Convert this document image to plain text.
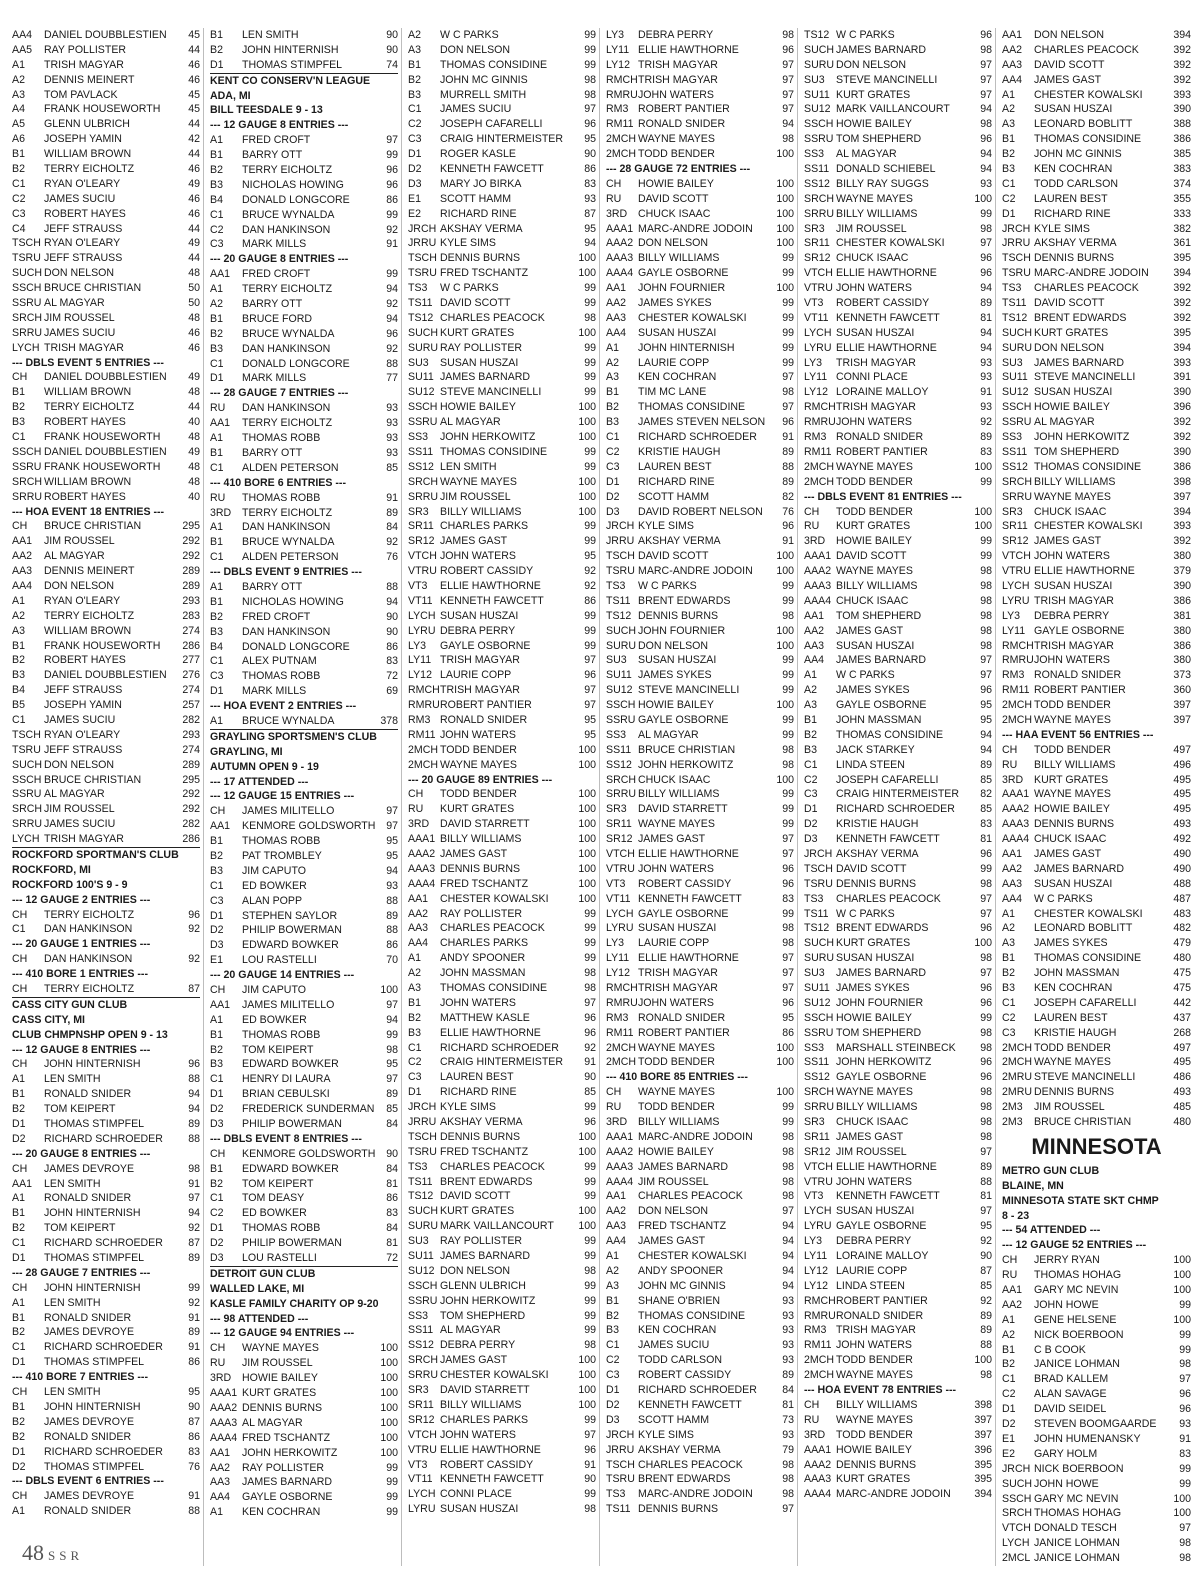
AA4	DANIEL DOUBBLESTIEN	45
AA5	RAY POLLISTER	44
A1	TRISH MAGYAR	46
A2	DENNIS MEINERT	46
A3	TOM PAVLACK	45
A4	FRANK HOUSEWORTH	45
A5	GLENN ULBRICH	44
A6	JOSEPH YAMIN	42
B1	WILLIAM BROWN	44
B2	TERRY EICHOLTZ	46
C1	RYAN O'LEARY	49
C2	JAMES SUCIU	46
C3	ROBERT HAYES	46
C4	JEFF STRAUSS	44
TSCH RYAN O'LEARY	49
TSRU JEFF STRAUSS	44
SUCH DON NELSON	48
SSCH BRUCE CHRISTIAN	50
SSRU AL MAGYAR	50
SRCH JIM ROUSSEL	48
SRRU JAMES SUCIU	46
LYCH TRISH MAGYAR	46
--- DBLS EVENT 5 ENTRIES ---
CH	DANIEL DOUBBLESTIEN	49
B1	WILLIAM BROWN	48
B2	TERRY EICHOLTZ	44
B3	ROBERT HAYES	40
C1	FRANK HOUSEWORTH	48
SSCH DANIEL DOUBBLESTIEN	49
SSRU FRANK HOUSEWORTH	48
SRCH WILLIAM BROWN	48
SRRU ROBERT HAYES	40
--- HOA EVENT 18 ENTRIES ---
CH	BRUCE CHRISTIAN	295
AA1	JIM ROUSSEL	292
AA2	AL MAGYAR	292
AA3	DENNIS MEINERT	289
AA4	DON NELSON	289
A1	RYAN O'LEARY	293
A2	TERRY EICHOLTZ	283
A3	WILLIAM BROWN	274
B1	FRANK HOUSEWORTH	286
B2	ROBERT HAYES	277
B3	DANIEL DOUBBLESTIEN	276
B4	JEFF STRAUSS	274
B5	JOSEPH YAMIN	257
C1	JAMES SUCIU	282
TSCH RYAN O'LEARY	293
TSRU JEFF STRAUSS	274
SUCH DON NELSON	289
SSCH BRUCE CHRISTIAN	295
SSRU AL MAGYAR	292
SRCH JIM ROUSSEL	292
SRRU JAMES SUCIU	282
LYCH TRISH MAGYAR	286
ROCKFORD SPORTMAN'S CLUB
ROCKFORD, MI
ROCKFORD 100'S 9 - 9
--- 12 GAUGE 2 ENTRIES ---
CH	TERRY EICHOLTZ	96
C1	DAN HANKINSON	92
--- 20 GAUGE 1 ENTRIES ---
CH	DAN HANKINSON	92
--- 410 BORE 1 ENTRIES ---
CH	TERRY EICHOLTZ	87
CASS CITY GUN CLUB
CASS CITY, MI
CLUB CHMPNSHP OPEN 9 - 13
--- 12 GAUGE 8 ENTRIES ---
CH	JOHN HINTERNISH	96
A1	LEN SMITH	88
B1	RONALD SNIDER	94
B2	TOM KEIPERT	94
D1	THOMAS STIMPFEL	89
D2	RICHARD SCHROEDER	88
--- 20 GAUGE 8 ENTRIES ---
CH	JAMES DEVROYE	98
AA1	LEN SMITH	91
A1	RONALD SNIDER	97
B1	JOHN HINTERNISH	94
B2	TOM KEIPERT	92
C1	RICHARD SCHROEDER	87
D1	THOMAS STIMPFEL	89
--- 28 GAUGE 7 ENTRIES ---
CH	JOHN HINTERNISH	99
A1	LEN SMITH	92
B1	RONALD SNIDER	91
B2	JAMES DEVROYE	89
C1	RICHARD SCHROEDER	91
D1	THOMAS STIMPFEL	86
--- 410 BORE 7 ENTRIES ---
CH	LEN SMITH	95
B1	JOHN HINTERNISH	90
B2	JAMES DEVROYE	87
B2	RONALD SNIDER	86
D1	RICHARD SCHROEDER	83
D2	THOMAS STIMPFEL	76
--- DBLS EVENT 6 ENTRIES ---
CH	JAMES DEVROYE	91
A1	RONALD SNIDER	88
B1	LEN SMITH	90
B2	JOHN HINTERNISH	90
D1	THOMAS STIMPFEL	74
KENT CO CONSERV'N LEAGUE
ADA, MI
BILL TEESDALE 9 - 13
--- 12 GAUGE 8 ENTRIES ---
A1	FRED CROFT	97
B1	BARRY OTT	99
B2	TERRY EICHOLTZ	96
B3	NICHOLAS HOWING	96
B4	DONALD LONGCORE	86
C1	BRUCE WYNALDA	99
C2	DAN HANKINSON	92
C3	MARK MILLS	91
--- 20 GAUGE 8 ENTRIES ---
AA1	FRED CROFT	99
A1	TERRY EICHOLTZ	94
A2	BARRY OTT	92
B1	BRUCE FORD	94
B2	BRUCE WYNALDA	96
B3	DAN HANKINSON	92
C1	DONALD LONGCORE	88
D1	MARK MILLS	77
--- 28 GAUGE 7 ENTRIES ---
RU	DAN HANKINSON	93
AA1	TERRY EICHOLTZ	93
A1	THOMAS ROBB	93
B1	BARRY OTT	93
C1	ALDEN PETERSON	85
--- 410 BORE 6 ENTRIES ---
RU	THOMAS ROBB	91
3RD	TERRY EICHOLTZ	89
A1	DAN HANKINSON	84
B1	BRUCE WYNALDA	92
C1	ALDEN PETERSON	76
--- DBLS EVENT 9 ENTRIES ---
A1	BARRY OTT	88
B1	NICHOLAS HOWING	94
B2	FRED CROFT	90
B3	DAN HANKINSON	90
B4	DONALD LONGCORE	86
C1	ALEX PUTNAM	83
C3	THOMAS ROBB	72
D1	MARK MILLS	69
--- HOA EVENT 2 ENTRIES ---
A1	BRUCE WYNALDA	378
GRAYLING SPORTSMEN'S CLUB
GRAYLING, MI
AUTUMN OPEN 9 - 19
--- 17 ATTENDED ---
--- 12 GAUGE 15 ENTRIES ---
CH	JAMES MILITELLO	97
AA1	KENMORE GOLDSWORTH	97
B1	THOMAS ROBB	95
B2	PAT TROMBLEY	95
B3	JIM CAPUTO	94
C1	ED BOWKER	93
C3	ALAN POPP	88
D1	STEPHEN SAYLOR	89
D2	PHILIP BOWERMAN	88
D3	EDWARD BOWKER	86
E1	LOU RASTELLI	70
--- 20 GAUGE 14 ENTRIES ---
CH	JIM CAPUTO	100
AA1	JAMES MILITELLO	97
A1	ED BOWKER	94
B1	THOMAS ROBB	99
B2	TOM KEIPERT	98
B3	EDWARD BOWKER	95
C1	HENRY DI LAURA	97
D1	BRIAN CEBULSKI	89
D2	FREDERICK SUNDERMAN	85
D3	PHILIP BOWERMAN	84
--- DBLS EVENT 8 ENTRIES ---
CH	KENMORE GOLDSWORTH	90
B1	EDWARD BOWKER	84
B2	TOM KEIPERT	81
C1	TOM DEASY	86
C2	ED BOWKER	83
D1	THOMAS ROBB	84
D2	PHILIP BOWERMAN	81
D3	LOU RASTELLI	72
DETROIT GUN CLUB
WALLED LAKE, MI
KASLE FAMILY CHARITY OP 9-20
--- 98 ATTENDED ---
--- 12 GAUGE 94 ENTRIES ---
CH	WAYNE MAYES	100
RU	JIM ROUSSEL	100
3RD	HOWIE BAILEY	100
AAA1 KURT GRATES	100
AAA2 DENNIS BURNS	100
AAA3 AL MAGYAR	100
AAA4 FRED TSCHANTZ	100
AA1	JOHN HERKOWITZ	100
AA2	RAY POLLISTER	99
AA3	JAMES BARNARD	99
AA4	GAYLE OSBORNE	99
A1	KEN COCHRAN	99
A2	W C PARKS	99
A3	DON NELSON	99
B1	THOMAS CONSIDINE	99
B2	JOHN MC GINNIS	98
B3	MURRELL SMITH	98
C1	JAMES SUCIU	97
C2	JOSEPH CAFARELLI	96
C3	CRAIG HINTERMEISTER	95
D1	ROGER KASLE	90
D2	KENNETH FAWCETT	86
D3	MARY JO BIRKA	83
E1	SCOTT HAMM	93
E2	RICHARD RINE	87
JRCH AKSHAY VERMA	95
JRRU KYLE SIMS	94
TSCH DENNIS BURNS	100
TSRU FRED TSCHANTZ	100
TS3	W C PARKS	99
TS11 DAVID SCOTT	99
TS12 CHARLES PEACOCK	98
SUCH KURT GRATES	100
SURU RAY POLLISTER	99
SU3	SUSAN HUSZAI	99
SU11 JAMES BARNARD	99
SU12 STEVE MANCINELLI	99
SSCH HOWIE BAILEY	100
SSRU AL MAGYAR	100
SS3	JOHN HERKOWITZ	100
SS11 THOMAS CONSIDINE	99
SS12 LEN SMITH	99
SRCH WAYNE MAYES	100
SRRU JIM ROUSSEL	100
SR3	BILLY WILLIAMS	100
SR11 CHARLES PARKS	99
SR12 JAMES GAST	99
VTCH JOHN WATERS	95
VTRU ROBERT CASSIDY	92
VT3	ELLIE HAWTHORNE	92
VT11 KENNETH FAWCETT	86
LYCH SUSAN HUSZAI	99
LYRU DEBRA PERRY	99
LY3	GAYLE OSBORNE	99
LY11 TRISH MAGYAR	97
LY12 LAURIE COPP	96
RMCH TRISH MAGYAR	97
RMRU ROBERT PANTIER	97
RM3 RONALD SNIDER	95
RM11 JOHN WATERS	95
2MCH TODD BENDER	100
2MCH WAYNE MAYES	100
--- 20 GAUGE 89 ENTRIES ---
CH	TODD BENDER	100
RU	KURT GRATES	100
3RD	DAVID STARRETT	100
AAA1 BILLY WILLIAMS	100
AAA2 JAMES GAST	100
AAA3 DENNIS BURNS	100
AAA4 FRED TSCHANTZ	100
AA1	CHESTER KOWALSKI	100
AA2	RAY POLLISTER	99
AA3	CHARLES PEACOCK	99
AA4	CHARLES PARKS	99
A1	ANDY SPOONER	99
A2	JOHN MASSMAN	98
A3	THOMAS CONSIDINE	98
B1	JOHN WATERS	97
B2	MATTHEW KASLE	96
B3	ELLIE HAWTHORNE	96
C1	RICHARD SCHROEDER	92
C2	CRAIG HINTERMEISTER	91
C3	LAUREN BEST	90
D1	RICHARD RINE	85
JRCH KYLE SIMS	99
JRRU AKSHAY VERMA	96
TSCH DENNIS BURNS	100
TSRU FRED TSCHANTZ	100
TS3	CHARLES PEACOCK	99
TS11 BRENT EDWARDS	99
TS12 DAVID SCOTT	99
SUCH KURT GRATES	100
SURU MARK VAILLANCOURT	100
SU3	RAY POLLISTER	99
SU11 JAMES BARNARD	99
SU12 DON NELSON	98
SSCH GLENN ULBRICH	99
SSRU JOHN HERKOWITZ	99
SS3	TOM SHEPHERD	99
SS11 AL MAGYAR	99
SS12 DEBRA PERRY	98
SRCH JAMES GAST	100
SRRU CHESTER KOWALSKI	100
SR3	DAVID STARRETT	100
SR11 BILLY WILLIAMS	100
SR12 CHARLES PARKS	99
VTCH JOHN WATERS	97
VTRU ELLIE HAWTHORNE	96
VT3	ROBERT CASSIDY	91
VT11 KENNETH FAWCETT	90
LYCH CONNI PLACE	99
LYRU SUSAN HUSZAI	98
LY3	DEBRA PERRY	98
LY11 ELLIE HAWTHORNE	96
LY12 TRISH MAGYAR	97
RMCH TRISH MAGYAR	97
RMRU JOHN WATERS	97
RM3 ROBERT PANTIER	97
RM11 RONALD SNIDER	94
2MCH WAYNE MAYES	98
2MCH TODD BENDER	100
--- 28 GAUGE 72 ENTRIES ---
CH	HOWIE BAILEY	100
RU	DAVID SCOTT	100
3RD	CHUCK ISAAC	100
AAA1 MARC-ANDRE JODOIN	100
AAA2 DON NELSON	100
AAA3 BILLY WILLIAMS	99
AAA4 GAYLE OSBORNE	99
AA1	JOHN FOURNIER	100
AA2	JAMES SYKES	99
AA3	CHESTER KOWALSKI	99
AA4	SUSAN HUSZAI	99
A1	JOHN HINTERNISH	99
A2	LAURIE COPP	99
A3	KEN COCHRAN	97
B1	TIM MC LANE	98
B2	THOMAS CONSIDINE	97
B3	JAMES STEVEN NELSON	96
C1	RICHARD SCHROEDER	91
C2	KRISTIE HAUGH	89
C3	LAUREN BEST	88
D1	RICHARD RINE	89
D2	SCOTT HAMM	82
D3	DAVID ROBERT NELSON	76
JRCH KYLE SIMS	96
JRRU AKSHAY VERMA	91
TSCH DAVID SCOTT	100
TSRU MARC-ANDRE JODOIN	100
TS3	W C PARKS	99
TS11 BRENT EDWARDS	99
TS12 DENNIS BURNS	98
SUCH JOHN FOURNIER	100
SURU DON NELSON	100
SU3	SUSAN HUSZAI	99
SU11 JAMES SYKES	99
SU12 STEVE MANCINELLI	99
SSCH HOWIE BAILEY	100
SSRU GAYLE OSBORNE	99
SS3	AL MAGYAR	99
SS11 BRUCE CHRISTIAN	98
SS12 JOHN HERKOWITZ	98
SRCH CHUCK ISAAC	100
SRRU BILLY WILLIAMS	99
SR3	DAVID STARRETT	99
SR11 WAYNE MAYES	99
SR12 JAMES GAST	97
VTCH ELLIE HAWTHORNE	97
VTRU JOHN WATERS	96
VT3	ROBERT CASSIDY	96
VT11 KENNETH FAWCETT	83
LYCH GAYLE OSBORNE	99
LYRU SUSAN HUSZAI	98
LY3	LAURIE COPP	98
LY11 ELLIE HAWTHORNE	97
LY12 TRISH MAGYAR	97
RMCH TRISH MAGYAR	97
RMRU JOHN WATERS	96
RM3 RONALD SNIDER	95
RM11 ROBERT PANTIER	86
2MCH WAYNE MAYES	100
2MCH TODD BENDER	100
--- 410 BORE 85 ENTRIES ---
CH	WAYNE MAYES	100
RU	TODD BENDER	99
3RD	BILLY WILLIAMS	99
AAA1 MARC-ANDRE JODOIN	98
AAA2 HOWIE BAILEY	98
AAA3 JAMES BARNARD	98
AAA4 JIM ROUSSEL	98
AA1	CHARLES PEACOCK	98
AA2	DON NELSON	97
AA3	FRED TSCHANTZ	94
AA4	JAMES GAST	94
A1	CHESTER KOWALSKI	94
A2	ANDY SPOONER	94
A3	JOHN MC GINNIS	94
B1	SHANE O'BRIEN	93
B2	THOMAS CONSIDINE	93
B3	KEN COCHRAN	93
C1	JAMES SUCIU	93
C2	TODD CARLSON	93
C3	ROBERT CASSIDY	89
D1	RICHARD SCHROEDER	84
D2	KENNETH FAWCETT	81
D3	SCOTT HAMM	73
JRCH KYLE SIMS	93
JRRU AKSHAY VERMA	79
TSCH CHARLES PEACOCK	98
TSRU BRENT EDWARDS	98
TS3	MARC-ANDRE JODOIN	98
TS11 DENNIS BURNS	97
TS12 W C PARKS	96
SUCH JAMES BARNARD	98
SURU DON NELSON	97
SU3	STEVE MANCINELLI	97
SU11 KURT GRATES	97
SU12 MARK VAILLANCOURT	94
SSCH HOWIE BAILEY	98
SSRU TOM SHEPHERD	96
SS3	AL MAGYAR	94
SS11 DONALD SCHIEBEL	94
SS12 BILLY RAY SUGGS	93
SRCH WAYNE MAYES	100
SRRU BILLY WILLIAMS	99
SR3	JIM ROUSSEL	98
SR11 CHESTER KOWALSKI	97
SR12 CHUCK ISAAC	96
VTCH ELLIE HAWTHORNE	96
VTRU JOHN WATERS	94
VT3	ROBERT CASSIDY	89
VT11 KENNETH FAWCETT	81
LYCH SUSAN HUSZAI	94
LYRU ELLIE HAWTHORNE	94
LY3	TRISH MAGYAR	93
LY11 CONNI PLACE	93
LY12 LORAINE MALLOY	91
RMCH TRISH MAGYAR	93
RMRU JOHN WATERS	92
RM3 RONALD SNIDER	89
RM11 ROBERT PANTIER	83
2MCH WAYNE MAYES	100
2MCH TODD BENDER	99
--- DBLS EVENT 81 ENTRIES ---
CH	TODD BENDER	100
RU	KURT GRATES	100
3RD	HOWIE BAILEY	99
AAA1 DAVID SCOTT	99
AAA2 WAYNE MAYES	98
AAA3 BILLY WILLIAMS	98
AAA4 CHUCK ISAAC	98
AA1	TOM SHEPHERD	98
AA2	JAMES GAST	98
AA3	SUSAN HUSZAI	98
AA4	JAMES BARNARD	97
A1	W C PARKS	97
A2	JAMES SYKES	96
A3	GAYLE OSBORNE	95
B1	JOHN MASSMAN	95
B2	THOMAS CONSIDINE	94
B3	JACK STARKEY	94
C1	LINDA STEEN	89
C2	JOSEPH CAFARELLI	85
C3	CRAIG HINTERMEISTER	82
D1	RICHARD SCHROEDER	85
D2	KRISTIE HAUGH	83
D3	KENNETH FAWCETT	81
JRCH AKSHAY VERMA	96
TSCH DAVID SCOTT	99
TSRU DENNIS BURNS	98
TS3	CHARLES PEACOCK	97
TS11 W C PARKS	97
TS12 BRENT EDWARDS	96
SUCH KURT GRATES	100
SURU SUSAN HUSZAI	98
SU3	JAMES BARNARD	97
SU11 JAMES SYKES	96
SU12 JOHN FOURNIER	96
SSCH HOWIE BAILEY	99
SSRU TOM SHEPHERD	98
SS3	MARSHALL STEINBECK	98
SS11 JOHN HERKOWITZ	96
SS12 GAYLE OSBORNE	96
SRCH WAYNE MAYES	98
SRRU BILLY WILLIAMS	98
SR3	CHUCK ISAAC	98
SR11 JAMES GAST	98
SR12 JIM ROUSSEL	97
VTCH ELLIE HAWTHORNE	89
VTRU JOHN WATERS	88
VT3	KENNETH FAWCETT	81
LYCH SUSAN HUSZAI	97
LYRU GAYLE OSBORNE	95
LY3	DEBRA PERRY	92
LY11 LORAINE MALLOY	90
LY12 LAURIE COPP	87
LY12 LINDA STEEN	85
RMCH ROBERT PANTIER	92
RMRU RONALD SNIDER	89
RM3 TRISH MAGYAR	89
RM11 JOHN WATERS	88
2MCH TODD BENDER	100
2MCH WAYNE MAYES	98
--- HOA EVENT 78 ENTRIES ---
CH	BILLY WILLIAMS	398
RU	WAYNE MAYES	397
3RD	TODD BENDER	397
AAA1 HOWIE BAILEY	396
AAA2 DENNIS BURNS	395
AAA3 KURT GRATES	395
AAA4 MARC-ANDRE JODOIN	394
AA1	DON NELSON	394
AA2	CHARLES PEACOCK	392
AA3	DAVID SCOTT	392
AA4	JAMES GAST	392
A1	CHESTER KOWALSKI	393
A2	SUSAN HUSZAI	390
A3	LEONARD BOBLITT	388
B1	THOMAS CONSIDINE	386
B2	JOHN MC GINNIS	385
B3	KEN COCHRAN	383
C1	TODD CARLSON	374
C2	LAUREN BEST	355
D1	RICHARD RINE	333
JRCH KYLE SIMS	382
JRRU AKSHAY VERMA	361
TSCH DENNIS BURNS	395
TSRU MARC-ANDRE JODOIN	394
TS3	CHARLES PEACOCK	392
TS11 DAVID SCOTT	392
TS12 BRENT EDWARDS	392
SUCH KURT GRATES	395
SURU DON NELSON	394
SU3	JAMES BARNARD	393
SU11 STEVE MANCINELLI	391
SU12 SUSAN HUSZAI	390
SSCH HOWIE BAILEY	396
SSRU AL MAGYAR	392
SS3	JOHN HERKOWITZ	392
SS11 TOM SHEPHERD	390
SS12 THOMAS CONSIDINE	386
SRCH BILLY WILLIAMS	398
SRRU WAYNE MAYES	397
SR3	CHUCK ISAAC	394
SR11 CHESTER KOWALSKI	393
SR12 JAMES GAST	392
VTCH JOHN WATERS	380
VTRU ELLIE HAWTHORNE	379
LYCH SUSAN HUSZAI	390
LYRU TRISH MAGYAR	386
LY3	DEBRA PERRY	381
LY11 GAYLE OSBORNE	380
RMCH TRISH MAGYAR	386
RMRU JOHN WATERS	380
RM3 RONALD SNIDER	373
RM11 ROBERT PANTIER	360
2MCH TODD BENDER	397
2MCH WAYNE MAYES	397
--- HAA EVENT 56 ENTRIES ---
CH	TODD BENDER	497
RU	BILLY WILLIAMS	496
3RD	KURT GRATES	495
AAA1 WAYNE MAYES	495
AAA2 HOWIE BAILEY	495
AAA3 DENNIS BURNS	493
AAA4 CHUCK ISAAC	492
AA1	JAMES GAST	490
AA2	JAMES BARNARD	490
AA3	SUSAN HUSZAI	488
AA4	W C PARKS	487
A1	CHESTER KOWALSKI	483
A2	LEONARD BOBLITT	482
A3	JAMES SYKES	479
B1	THOMAS CONSIDINE	480
B2	JOHN MASSMAN	475
B3	KEN COCHRAN	475
C1	JOSEPH CAFARELLI	442
C2	LAUREN BEST	437
C3	KRISTIE HAUGH	268
2MCH TODD BENDER	497
2MCH WAYNE MAYES	495
2MRU STEVE MANCINELLI	486
2MRU DENNIS BURNS	493
2M3	JIM ROUSSEL	485
2M3	BRUCE CHRISTIAN	480
MINNESOTA
METRO GUN CLUB
BLAINE, MN
MINNESOTA STATE SKT CHMP
8 - 23
--- 54 ATTENDED ---
--- 12 GAUGE 52 ENTRIES ---
CH	JERRY RYAN	100
RU	THOMAS HOHAG	100
AA1	GARY MC NEVIN	100
AA2	JOHN HOWE	99
A1	GENE HELSENE	100
A2	NICK BOERBOON	99
B1	C B COOK	99
B2	JANICE LOHMAN	98
C1	BRAD KALLEM	97
C2	ALAN SAVAGE	96
D1	DAVID SEIDEL	96
D2	STEVEN BOOMGAARDE	93
E1	JOHN HUMENANSKY	91
E2	GARY HOLM	83
JRCH NICK BOERBOON	99
SUCH JOHN HOWE	99
SSCH GARY MC NEVIN	100
SRCH THOMAS HOHAG	100
VTCH DONALD TESCH	97
LYCH JANICE LOHMAN	98
2MCL JANICE LOHMAN	98
48 SSR
